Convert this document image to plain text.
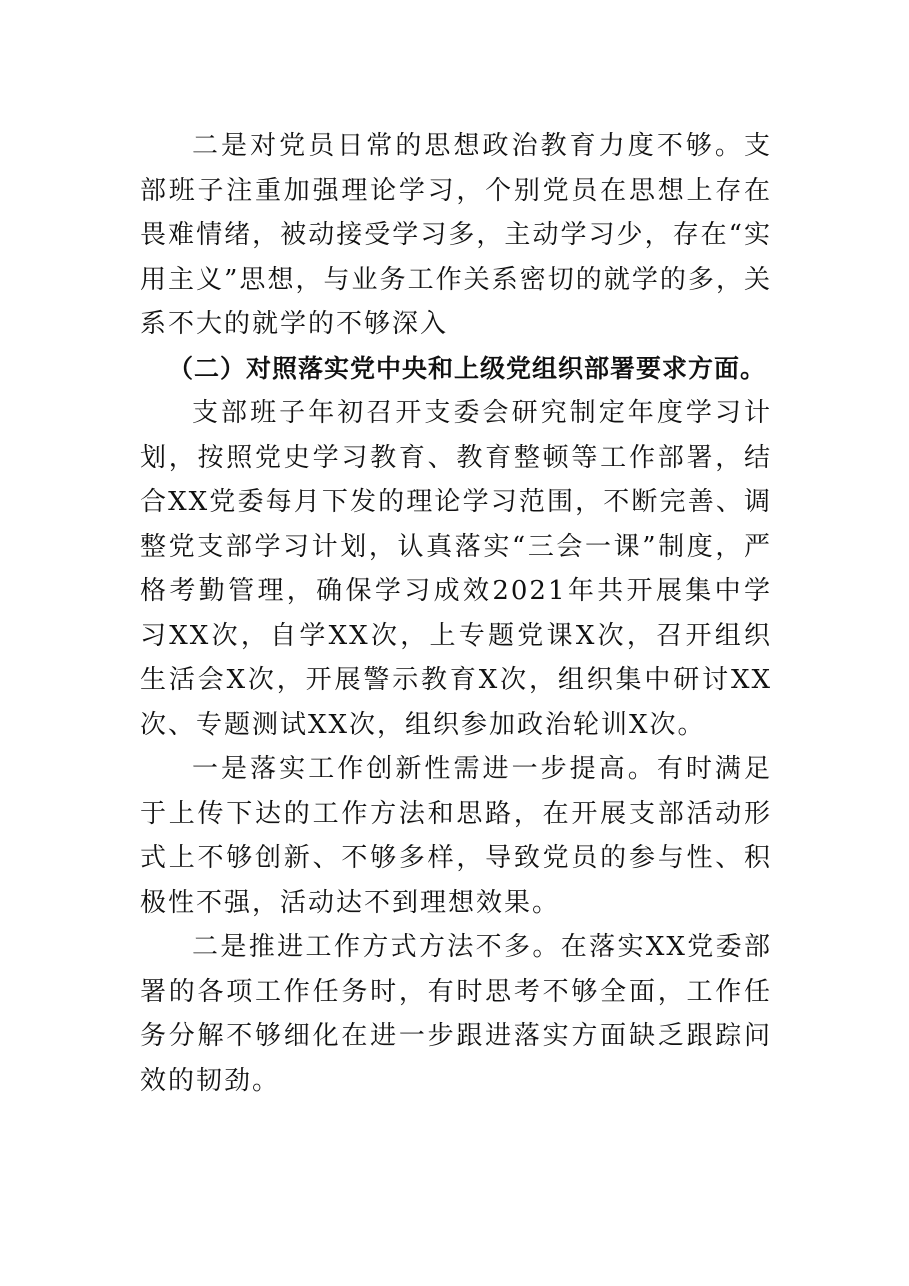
二是对党员日常的思想政治教育力度不够。支部班子注重加强理论学习，个别党员在思想上存在畏难情绪，被动接受学习多，主动学习少，存在“实用主义”思想，与业务工作关系密切的就学的多，关系不大的就学的不够深入

（二）对照落实党中央和上级党组织部署要求方面。

支部班子年初召开支委会研究制定年度学习计划，按照党史学习教育、教育整顿等工作部署，结合XX党委每月下发的理论学习范围，不断完善、调整党支部学习计划，认真落实“三会一课”制度，严格考勤管理，确保学习成效2021年共开展集中学习XX次，自学XX次，上专题党课X次，召开组织生活会X次，开展警示教育X次，组织集中研讨XX次、专题测试XX次，组织参加政治轮训X次。

一是落实工作创新性需进一步提高。有时满足于上传下达的工作方法和思路，在开展支部活动形式上不够创新、不够多样，导致党员的参与性、积极性不强，活动达不到理想效果。

二是推进工作方式方法不多。在落实XX党委部署的各项工作任务时，有时思考不够全面，工作任务分解不够细化在进一步跟进落实方面缺乏跟踪问效的韧劲。
